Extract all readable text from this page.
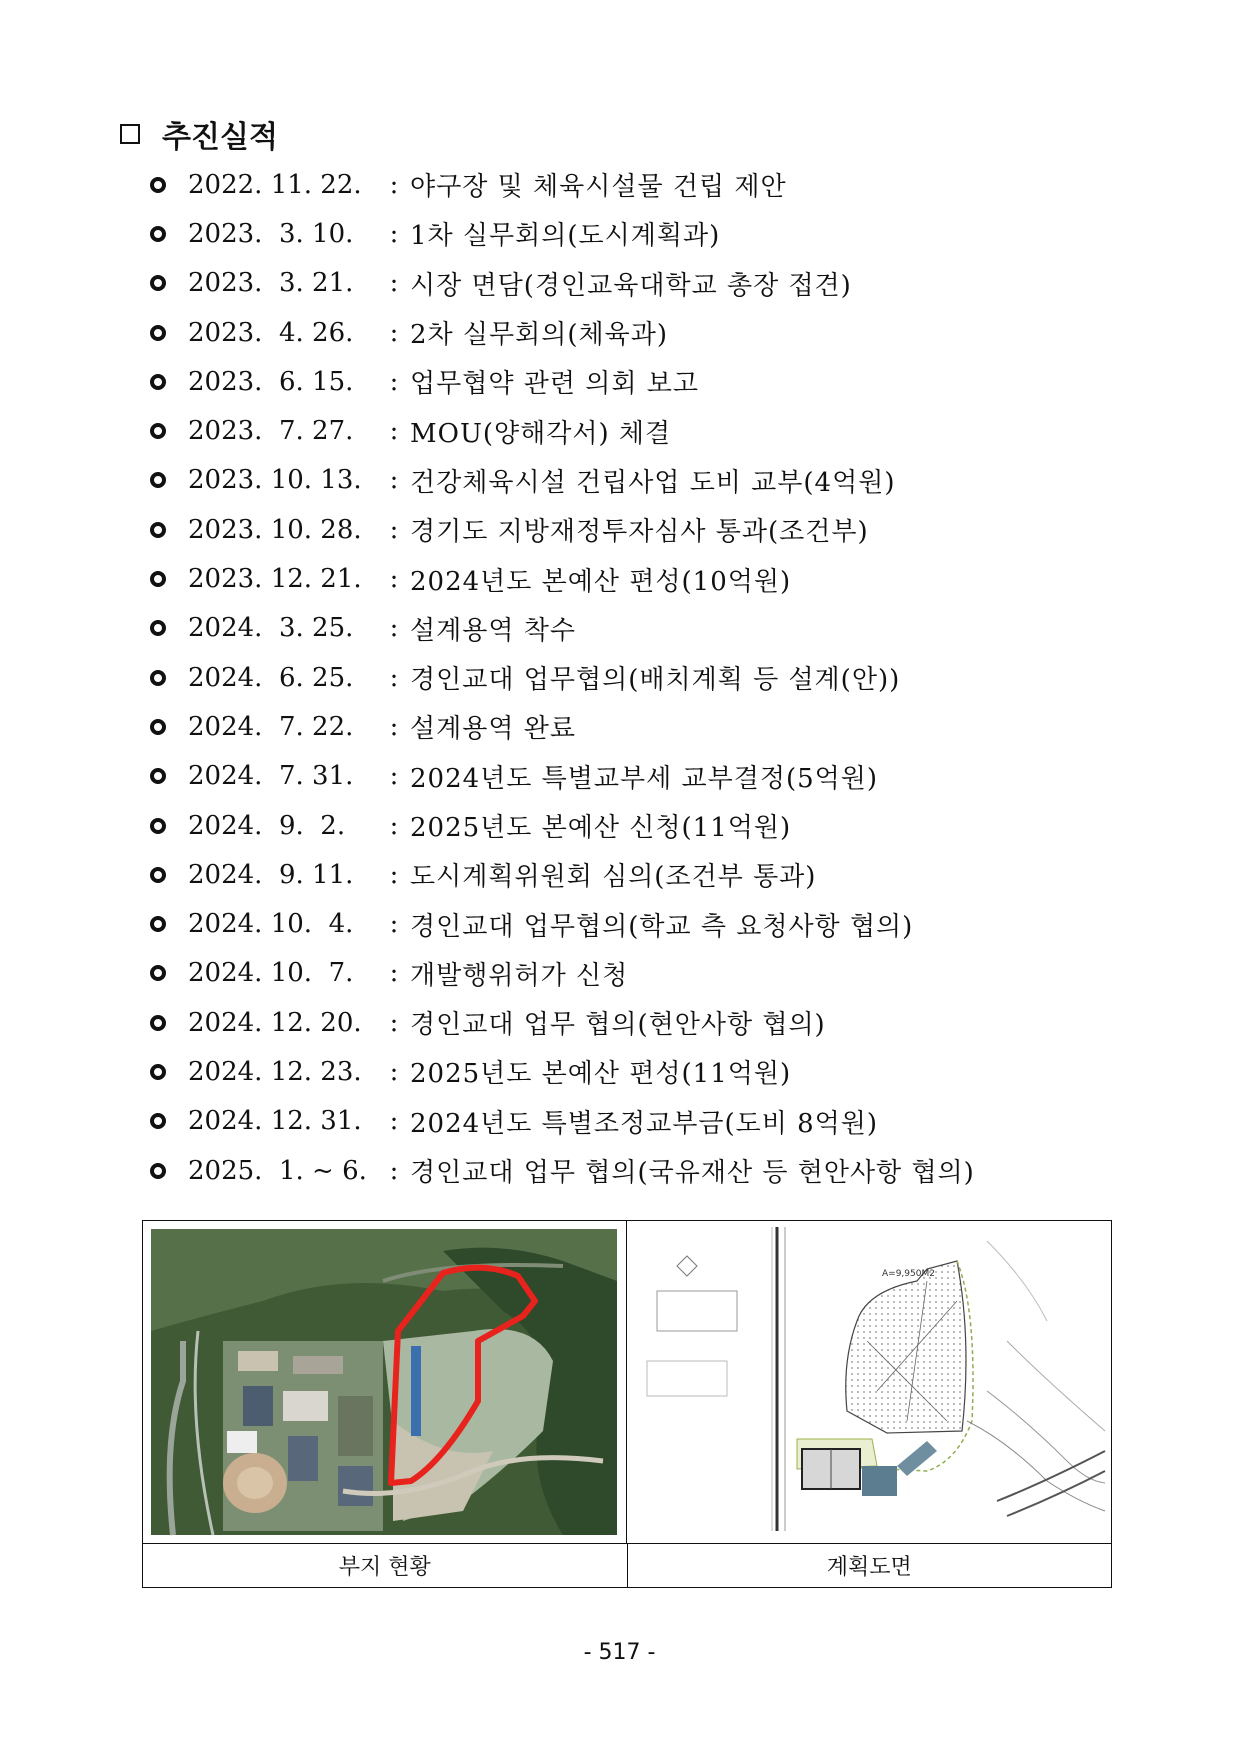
추진실적
2022. 11. 22.	: 야구장 및 체육시설물 건립 제안
2023.  3. 10.	: 1차 실무회의(도시계획과)
2023.  3. 21.	: 시장 면담(경인교육대학교 총장 접견)
2023.  4. 26.	: 2차 실무회의(체육과)
2023.  6. 15.	: 업무협약 관련 의회 보고
2023.  7. 27.	: MOU(양해각서) 체결
2023. 10. 13.	: 건강체육시설 건립사업 도비 교부(4억원)
2023. 10. 28.	: 경기도 지방재정투자심사 통과(조건부)
2023. 12. 21.	: 2024년도 본예산 편성(10억원)
2024.  3. 25.	: 설계용역 착수
2024.  6. 25.	: 경인교대 업무협의(배치계획 등 설계(안))
2024.  7. 22.	: 설계용역 완료
2024.  7. 31.	: 2024년도 특별교부세 교부결정(5억원)
2024.  9.  2.	: 2025년도 본예산 신청(11억원)
2024.  9. 11.	: 도시계획위원회 심의(조건부 통과)
2024. 10.  4.	: 경인교대 업무협의(학교 측 요청사항 협의)
2024. 10.  7.	: 개발행위허가 신청
2024. 12. 20.	: 경인교대 업무 협의(현안사항 협의)
2024. 12. 23.	: 2025년도 본예산 편성(11억원)
2024. 12. 31.	: 2024년도 특별조정교부금(도비 8억원)
2025.  1. ~ 6. : 경인교대 업무 협의(국유재산 등 현안사항 협의)
A=9,950M2
부지 현황	계획도면
- 517 -
